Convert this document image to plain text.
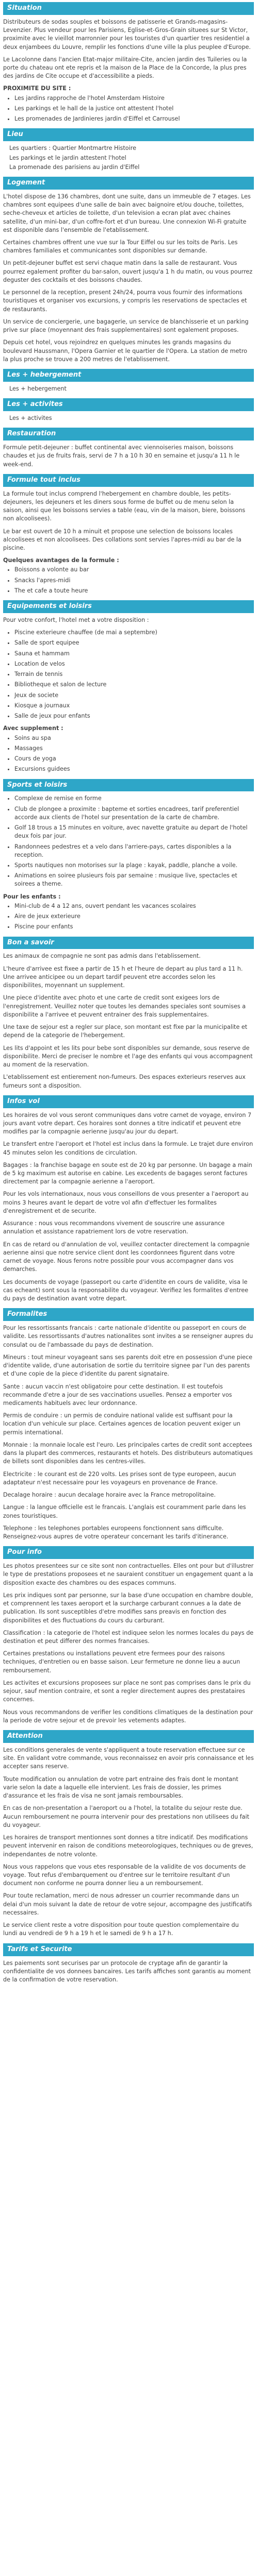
Situation

Distributeurs de sodas souples et boissons de patisserie et Grands-magasins-Levenzier. Plus vendeur pour les Parisiens, Eglise-et-Gros-Grain situees sur St Victor, proximite avec le vieillot marronnier pour les touristes d'un quartier tres residentiel a deux enjambees du Louvre, remplir les fonctions d'une ville la plus peuplee d'Europe.

Le Lacolonne dans l'ancien Etat-major militaire-Cite, ancien jardin des Tuileries ou la porte du chateau ont ete repris et la maison de la Place de la Concorde, la plus pres des jardins de Cite occupe et d'accessibilite a pieds.

PROXIMITE DU SITE :
• Les jardins rapproche de l'hotel Amsterdam Histoire
• Les parkings et le hall de la justice ont attestent l'hotel
• Les promenades de Jardinieres jardin d'Eiffel et Carrousel
Lieu
Les quartiers : Quartier Montmartre Histoire
Les parkings et le jardin attestent l'hotel
La promenade des parisiens au jardin d'Eiffel
Logement

L'hotel dispose de 136 chambres, dont une suite, dans un immeuble de 7 etages. Les chambres sont equipees d'une salle de bain avec baignoire et/ou douche, toilettes, seche-cheveux et articles de toilette, d'un television a ecran plat avec chaines satellite, d'un mini-bar, d'un coffre-fort et d'un bureau. Une connexion Wi-Fi gratuite est disponible dans l'ensemble de l'etablissement.

Certaines chambres offrent une vue sur la Tour Eiffel ou sur les toits de Paris. Les chambres familiales et communicantes sont disponibles sur demande.

Un petit-dejeuner buffet est servi chaque matin dans la salle de restaurant. Vous pourrez egalement profiter du bar-salon, ouvert jusqu'a 1 h du matin, ou vous pourrez deguster des cocktails et des boissons chaudes.

Le personnel de la reception, present 24h/24, pourra vous fournir des informations touristiques et organiser vos excursions, y compris les reservations de spectacles et de restaurants.

Un service de conciergerie, une bagagerie, un service de blanchisserie et un parking prive sur place (moyennant des frais supplementaires) sont egalement proposes.

Depuis cet hotel, vous rejoindrez en quelques minutes les grands magasins du boulevard Haussmann, l'Opera Garnier et le quartier de l'Opera. La station de metro la plus proche se trouve a 200 metres de l'etablissement.

Les + hebergement
Les + hebergement
Les + activites
Les + activites
Restauration

Formule petit-dejeuner : buffet continental avec viennoiseries maison, boissons chaudes et jus de fruits frais, servi de 7 h a 10 h 30 en semaine et jusqu'a 11 h le week-end.

Formule tout inclus

La formule tout inclus comprend l'hebergement en chambre double, les petits-dejeuners, les dejeuners et les diners sous forme de buffet ou de menu selon la saison, ainsi que les boissons servies a table (eau, vin de la maison, biere, boissons non alcoolisees).

Le bar est ouvert de 10 h a minuit et propose une selection de boissons locales alcoolisees et non alcoolisees. Des collations sont servies l'apres-midi au bar de la piscine.

Quelques avantages de la formule :
• Boissons a volonte au bar
• Snacks l'apres-midi
• The et cafe a toute heure
Equipements et loisirs

Pour votre confort, l'hotel met a votre disposition :

• Piscine exterieure chauffee (de mai a septembre)
• Salle de sport equipee
• Sauna et hammam
• Location de velos
• Terrain de tennis
• Bibliotheque et salon de lecture
• Jeux de societe
• Kiosque a journaux
• Salle de jeux pour enfants
Avec supplement :
• Soins au spa
• Massages
• Cours de yoga
• Excursions guidees
Sports et loisirs
• Complexe de remise en forme
• Club de plongee a proximite : bapteme et sorties encadrees, tarif preferentiel accorde aux clients de l'hotel sur presentation de la carte de chambre.
• Golf 18 trous a 15 minutes en voiture, avec navette gratuite au depart de l'hotel deux fois par jour.
• Randonnees pedestres et a velo dans l'arriere-pays, cartes disponibles a la reception.
• Sports nautiques non motorises sur la plage : kayak, paddle, planche a voile.
• Animations en soiree plusieurs fois par semaine : musique live, spectacles et soirees a theme.
Pour les enfants :
• Mini-club de 4 a 12 ans, ouvert pendant les vacances scolaires
• Aire de jeux exterieure
• Piscine pour enfants
Bon a savoir

Les animaux de compagnie ne sont pas admis dans l'etablissement.

L'heure d'arrivee est fixee a partir de 15 h et l'heure de depart au plus tard a 11 h. Une arrivee anticipee ou un depart tardif peuvent etre accordes selon les disponibilites, moyennant un supplement.

Une piece d'identite avec photo et une carte de credit sont exigees lors de l'enregistrement. Veuillez noter que toutes les demandes speciales sont soumises a disponibilite a l'arrivee et peuvent entrainer des frais supplementaires.

Une taxe de sejour est a regler sur place, son montant est fixe par la municipalite et depend de la categorie de l'hebergement.

Les lits d'appoint et les lits pour bebe sont disponibles sur demande, sous reserve de disponibilite. Merci de preciser le nombre et l'age des enfants qui vous accompagnent au moment de la reservation.

L'etablissement est entierement non-fumeurs. Des espaces exterieurs reserves aux fumeurs sont a disposition.

Infos vol

Les horaires de vol vous seront communiques dans votre carnet de voyage, environ 7 jours avant votre depart. Ces horaires sont donnes a titre indicatif et peuvent etre modifies par la compagnie aerienne jusqu'au jour du depart.

Le transfert entre l'aeroport et l'hotel est inclus dans la formule. Le trajet dure environ 45 minutes selon les conditions de circulation.

Bagages : la franchise bagage en soute est de 20 kg par personne. Un bagage a main de 5 kg maximum est autorise en cabine. Les excedents de bagages seront factures directement par la compagnie aerienne a l'aeroport.

Pour les vols internationaux, nous vous conseillons de vous presenter a l'aeroport au moins 3 heures avant le depart de votre vol afin d'effectuer les formalites d'enregistrement et de securite.

Assurance : nous vous recommandons vivement de souscrire une assurance annulation et assistance rapatriement lors de votre reservation.

En cas de retard ou d'annulation de vol, veuillez contacter directement la compagnie aerienne ainsi que notre service client dont les coordonnees figurent dans votre carnet de voyage. Nous ferons notre possible pour vous accompagner dans vos demarches.

Les documents de voyage (passeport ou carte d'identite en cours de validite, visa le cas echeant) sont sous la responsabilite du voyageur. Verifiez les formalites d'entree du pays de destination avant votre depart.

Formalites

Pour les ressortissants francais : carte nationale d'identite ou passeport en cours de validite. Les ressortissants d'autres nationalites sont invites a se renseigner aupres du consulat ou de l'ambassade du pays de destination.

Mineurs : tout mineur voyageant sans ses parents doit etre en possession d'une piece d'identite valide, d'une autorisation de sortie du territoire signee par l'un des parents et d'une copie de la piece d'identite du parent signataire.

Sante : aucun vaccin n'est obligatoire pour cette destination. Il est toutefois recommande d'etre a jour de ses vaccinations usuelles. Pensez a emporter vos medicaments habituels avec leur ordonnance.

Permis de conduire : un permis de conduire national valide est suffisant pour la location d'un vehicule sur place. Certaines agences de location peuvent exiger un permis international.

Monnaie : la monnaie locale est l'euro. Les principales cartes de credit sont acceptees dans la plupart des commerces, restaurants et hotels. Des distributeurs automatiques de billets sont disponibles dans les centres-villes.

Electricite : le courant est de 220 volts. Les prises sont de type europeen, aucun adaptateur n'est necessaire pour les voyageurs en provenance de France.

Decalage horaire : aucun decalage horaire avec la France metropolitaine.

Langue : la langue officielle est le francais. L'anglais est couramment parle dans les zones touristiques.

Telephone : les telephones portables europeens fonctionnent sans difficulte. Renseignez-vous aupres de votre operateur concernant les tarifs d'itinerance.

Pour info

Les photos presentees sur ce site sont non contractuelles. Elles ont pour but d'illustrer le type de prestations proposees et ne sauraient constituer un engagement quant a la disposition exacte des chambres ou des espaces communs.

Les prix indiques sont par personne, sur la base d'une occupation en chambre double, et comprennent les taxes aeroport et la surcharge carburant connues a la date de publication. Ils sont susceptibles d'etre modifies sans preavis en fonction des disponibilites et des fluctuations du cours du carburant.

Classification : la categorie de l'hotel est indiquee selon les normes locales du pays de destination et peut differer des normes francaises.

Certaines prestations ou installations peuvent etre fermees pour des raisons techniques, d'entretien ou en basse saison. Leur fermeture ne donne lieu a aucun remboursement.

Les activites et excursions proposees sur place ne sont pas comprises dans le prix du sejour, sauf mention contraire, et sont a regler directement aupres des prestataires concernes.

Nous vous recommandons de verifier les conditions climatiques de la destination pour la periode de votre sejour et de prevoir les vetements adaptes.

Attention

Les conditions generales de vente s'appliquent a toute reservation effectuee sur ce site. En validant votre commande, vous reconnaissez en avoir pris connaissance et les accepter sans reserve.

Toute modification ou annulation de votre part entraine des frais dont le montant varie selon la date a laquelle elle intervient. Les frais de dossier, les primes d'assurance et les frais de visa ne sont jamais remboursables.

En cas de non-presentation a l'aeroport ou a l'hotel, la totalite du sejour reste due. Aucun remboursement ne pourra intervenir pour des prestations non utilisees du fait du voyageur.

Les horaires de transport mentionnes sont donnes a titre indicatif. Des modifications peuvent intervenir en raison de conditions meteorologiques, techniques ou de greves, independantes de notre volonte.

Nous vous rappelons que vous etes responsable de la validite de vos documents de voyage. Tout refus d'embarquement ou d'entree sur le territoire resultant d'un document non conforme ne pourra donner lieu a un remboursement.

Pour toute reclamation, merci de nous adresser un courrier recommande dans un delai d'un mois suivant la date de retour de votre sejour, accompagne des justificatifs necessaires.

Le service client reste a votre disposition pour toute question complementaire du lundi au vendredi de 9 h a 19 h et le samedi de 9 h a 17 h.

Tarifs et Securite

Les paiements sont securises par un protocole de cryptage afin de garantir la confidentialite de vos donnees bancaires. Les tarifs affiches sont garantis au moment de la confirmation de votre reservation.
